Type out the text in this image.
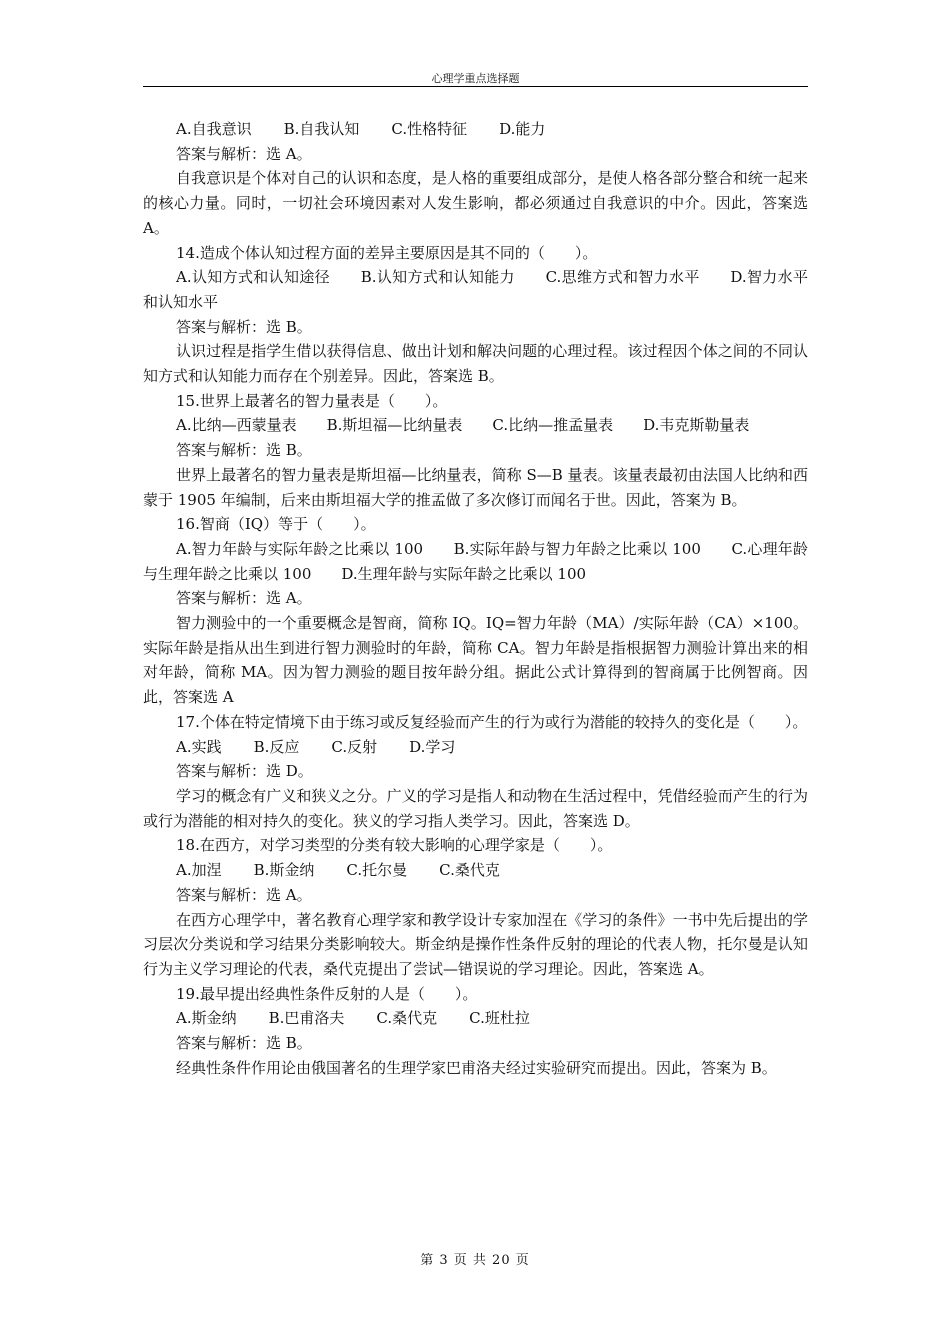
心理学重点选择题

A.自我意识 B.自我认知 C.性格特征 D.能力

答案与解析：选 A。

自我意识是个体对自己的认识和态度，是人格的重要组成部分，是使人格各部分整合和统一起来的核心力量。同时，一切社会环境因素对人发生影响，都必须通过自我意识的中介。因此，答案选 A。

14.造成个体认知过程方面的差异主要原因是其不同的（　　）。

A.认知方式和认知途径　　B.认知方式和认知能力　　C.思维方式和智力水平　　D.智力水平和认知水平

答案与解析：选 B。

认识过程是指学生借以获得信息、做出计划和解决问题的心理过程。该过程因个体之间的不同认知方式和认知能力而存在个别差异。因此，答案选 B。

15.世界上最著名的智力量表是（　　）。

A.比纳—西蒙量表　　B.斯坦福—比纳量表　　C.比纳—推孟量表　　D.韦克斯勒量表

答案与解析：选 B。

世界上最著名的智力量表是斯坦福—比纳量表，简称 S—B 量表。该量表最初由法国人比纳和西蒙于 1905 年编制，后来由斯坦福大学的推孟做了多次修订而闻名于世。因此，答案为 B。

16.智商（IQ）等于（　　）。

A.智力年龄与实际年龄之比乘以 100　　B.实际年龄与智力年龄之比乘以 100　　C.心理年龄与生理年龄之比乘以 100　　D.生理年龄与实际年龄之比乘以 100

答案与解析：选 A。

智力测验中的一个重要概念是智商，简称 IQ。IQ=智力年龄（MA）/实际年龄（CA）×100。实际年龄是指从出生到进行智力测验时的年龄，简称 CA。智力年龄是指根据智力测验计算出来的相对年龄，简称 MA。因为智力测验的题目按年龄分组。据此公式计算得到的智商属于比例智商。因此，答案选 A

17.个体在特定情境下由于练习或反复经验而产生的行为或行为潜能的较持久的变化是（　　）。

A.实践 B.反应 C.反射 D.学习

答案与解析：选 D。

学习的概念有广义和狭义之分。广义的学习是指人和动物在生活过程中，凭借经验而产生的行为或行为潜能的相对持久的变化。狭义的学习指人类学习。因此，答案选 D。

18.在西方，对学习类型的分类有较大影响的心理学家是（　　）。

A.加涅 B.斯金纳 C.托尔曼 C.桑代克

答案与解析：选 A。

在西方心理学中，著名教育心理学家和教学设计专家加涅在《学习的条件》一书中先后提出的学习层次分类说和学习结果分类影响较大。斯金纳是操作性条件反射的理论的代表人物，托尔曼是认知行为主义学习理论的代表，桑代克提出了尝试—错误说的学习理论。因此，答案选 A。

19.最早提出经典性条件反射的人是（　　）。

A.斯金纳 B.巴甫洛夫 C.桑代克 C.班杜拉

答案与解析：选 B。

经典性条件作用论由俄国著名的生理学家巴甫洛夫经过实验研究而提出。因此，答案为 B。

第 3 页 共 20 页
